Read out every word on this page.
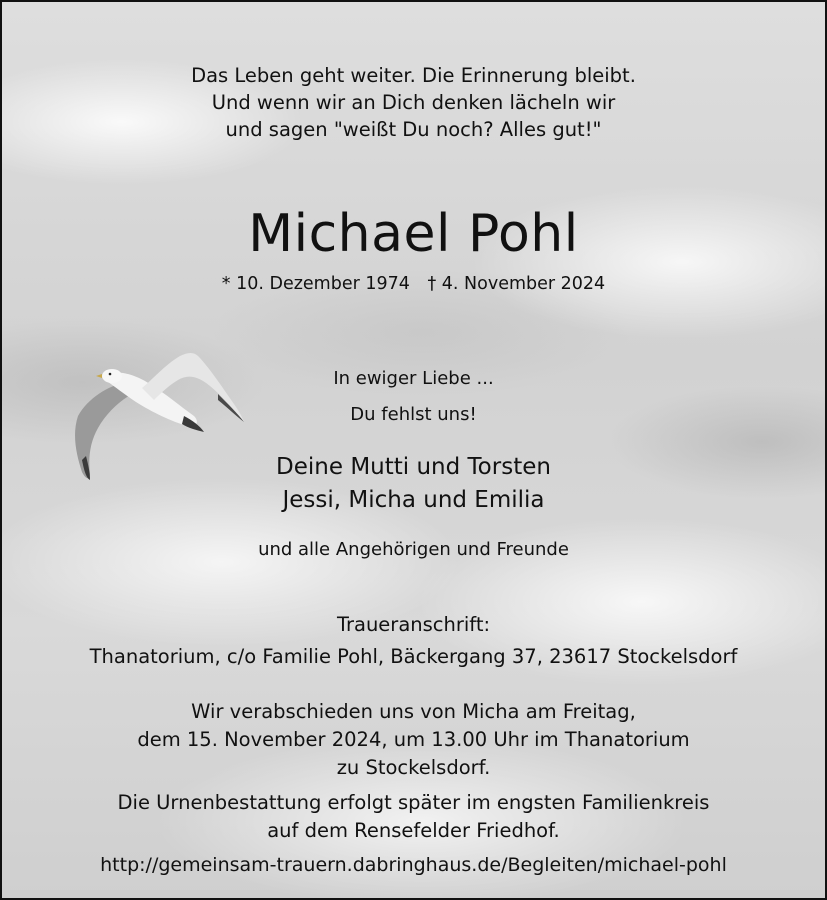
Das Leben geht weiter. Die Erinnerung bleibt.
Und wenn wir an Dich denken lächeln wir
und sagen "weißt Du noch? Alles gut!"
Michael Pohl
* 10. Dezember 1974 † 4. November 2024
In ewiger Liebe ...
Du fehlst uns!
Deine Mutti und Torsten
Jessi, Micha und Emilia
und alle Angehörigen und Freunde
Traueranschrift:
Thanatorium, c/o Familie Pohl, Bäckergang 37, 23617 Stockelsdorf
Wir verabschieden uns von Micha am Freitag,
dem 15. November 2024, um 13.00 Uhr im Thanatorium
zu Stockelsdorf.
Die Urnenbestattung erfolgt später im engsten Familienkreis
auf dem Rensefelder Friedhof.
http://gemeinsam-trauern.dabringhaus.de/Begleiten/michael-pohl
